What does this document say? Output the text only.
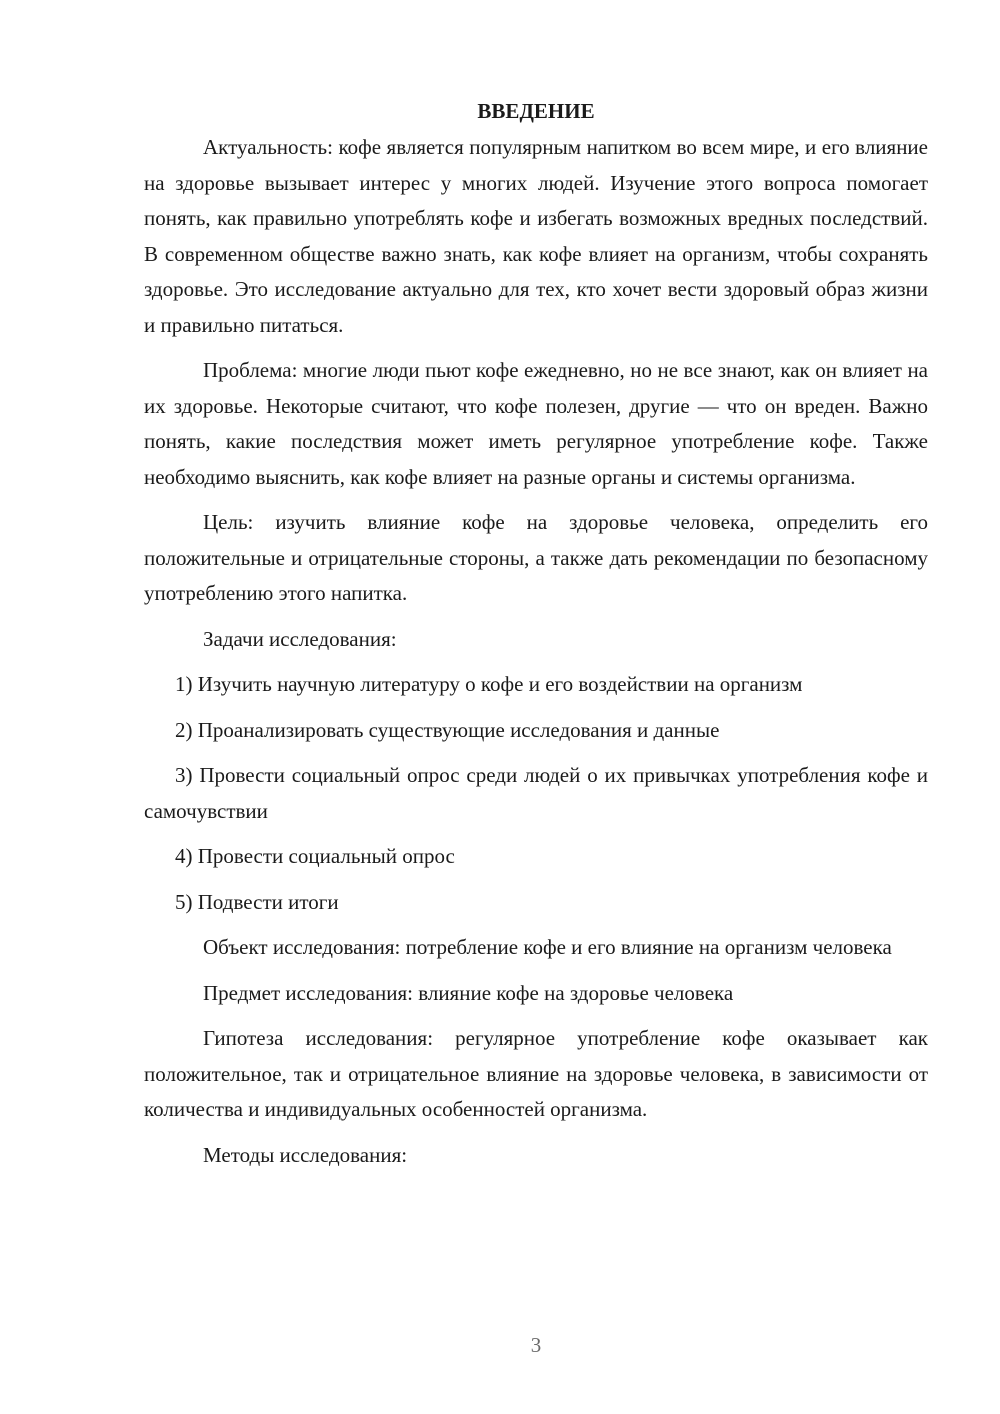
ВВЕДЕНИЕ

Актуальность: кофе является популярным напитком во всем мире, и его влияние на здоровье вызывает интерес у многих людей. Изучение этого вопроса помогает понять, как правильно употреблять кофе и избегать возможных вредных последствий. В современном обществе важно знать, как кофе влияет на организм, чтобы сохранять здоровье. Это исследование актуально для тех, кто хочет вести здоровый образ жизни и правильно питаться.

Проблема: многие люди пьют кофе ежедневно, но не все знают, как он влияет на их здоровье. Некоторые считают, что кофе полезен, другие — что он вреден. Важно понять, какие последствия может иметь регулярное употребление кофе. Также необходимо выяснить, как кофе влияет на разные органы и системы организма.

Цель: изучить влияние кофе на здоровье человека, определить его положительные и отрицательные стороны, а также дать рекомендации по безопасному употреблению этого напитка.

Задачи исследования:

1) Изучить научную литературу о кофе и его воздействии на организм

2) Проанализировать существующие исследования и данные

3) Провести социальный опрос среди людей о их привычках употребления кофе и самочувствии

4) Провести социальный опрос

5) Подвести итоги

Объект исследования: потребление кофе и его влияние на организм человека

Предмет исследования: влияние кофе на здоровье человека

Гипотеза исследования: регулярное употребление кофе оказывает как положительное, так и отрицательное влияние на здоровье человека, в зависимости от количества и индивидуальных особенностей организма.

Методы исследования:

3
